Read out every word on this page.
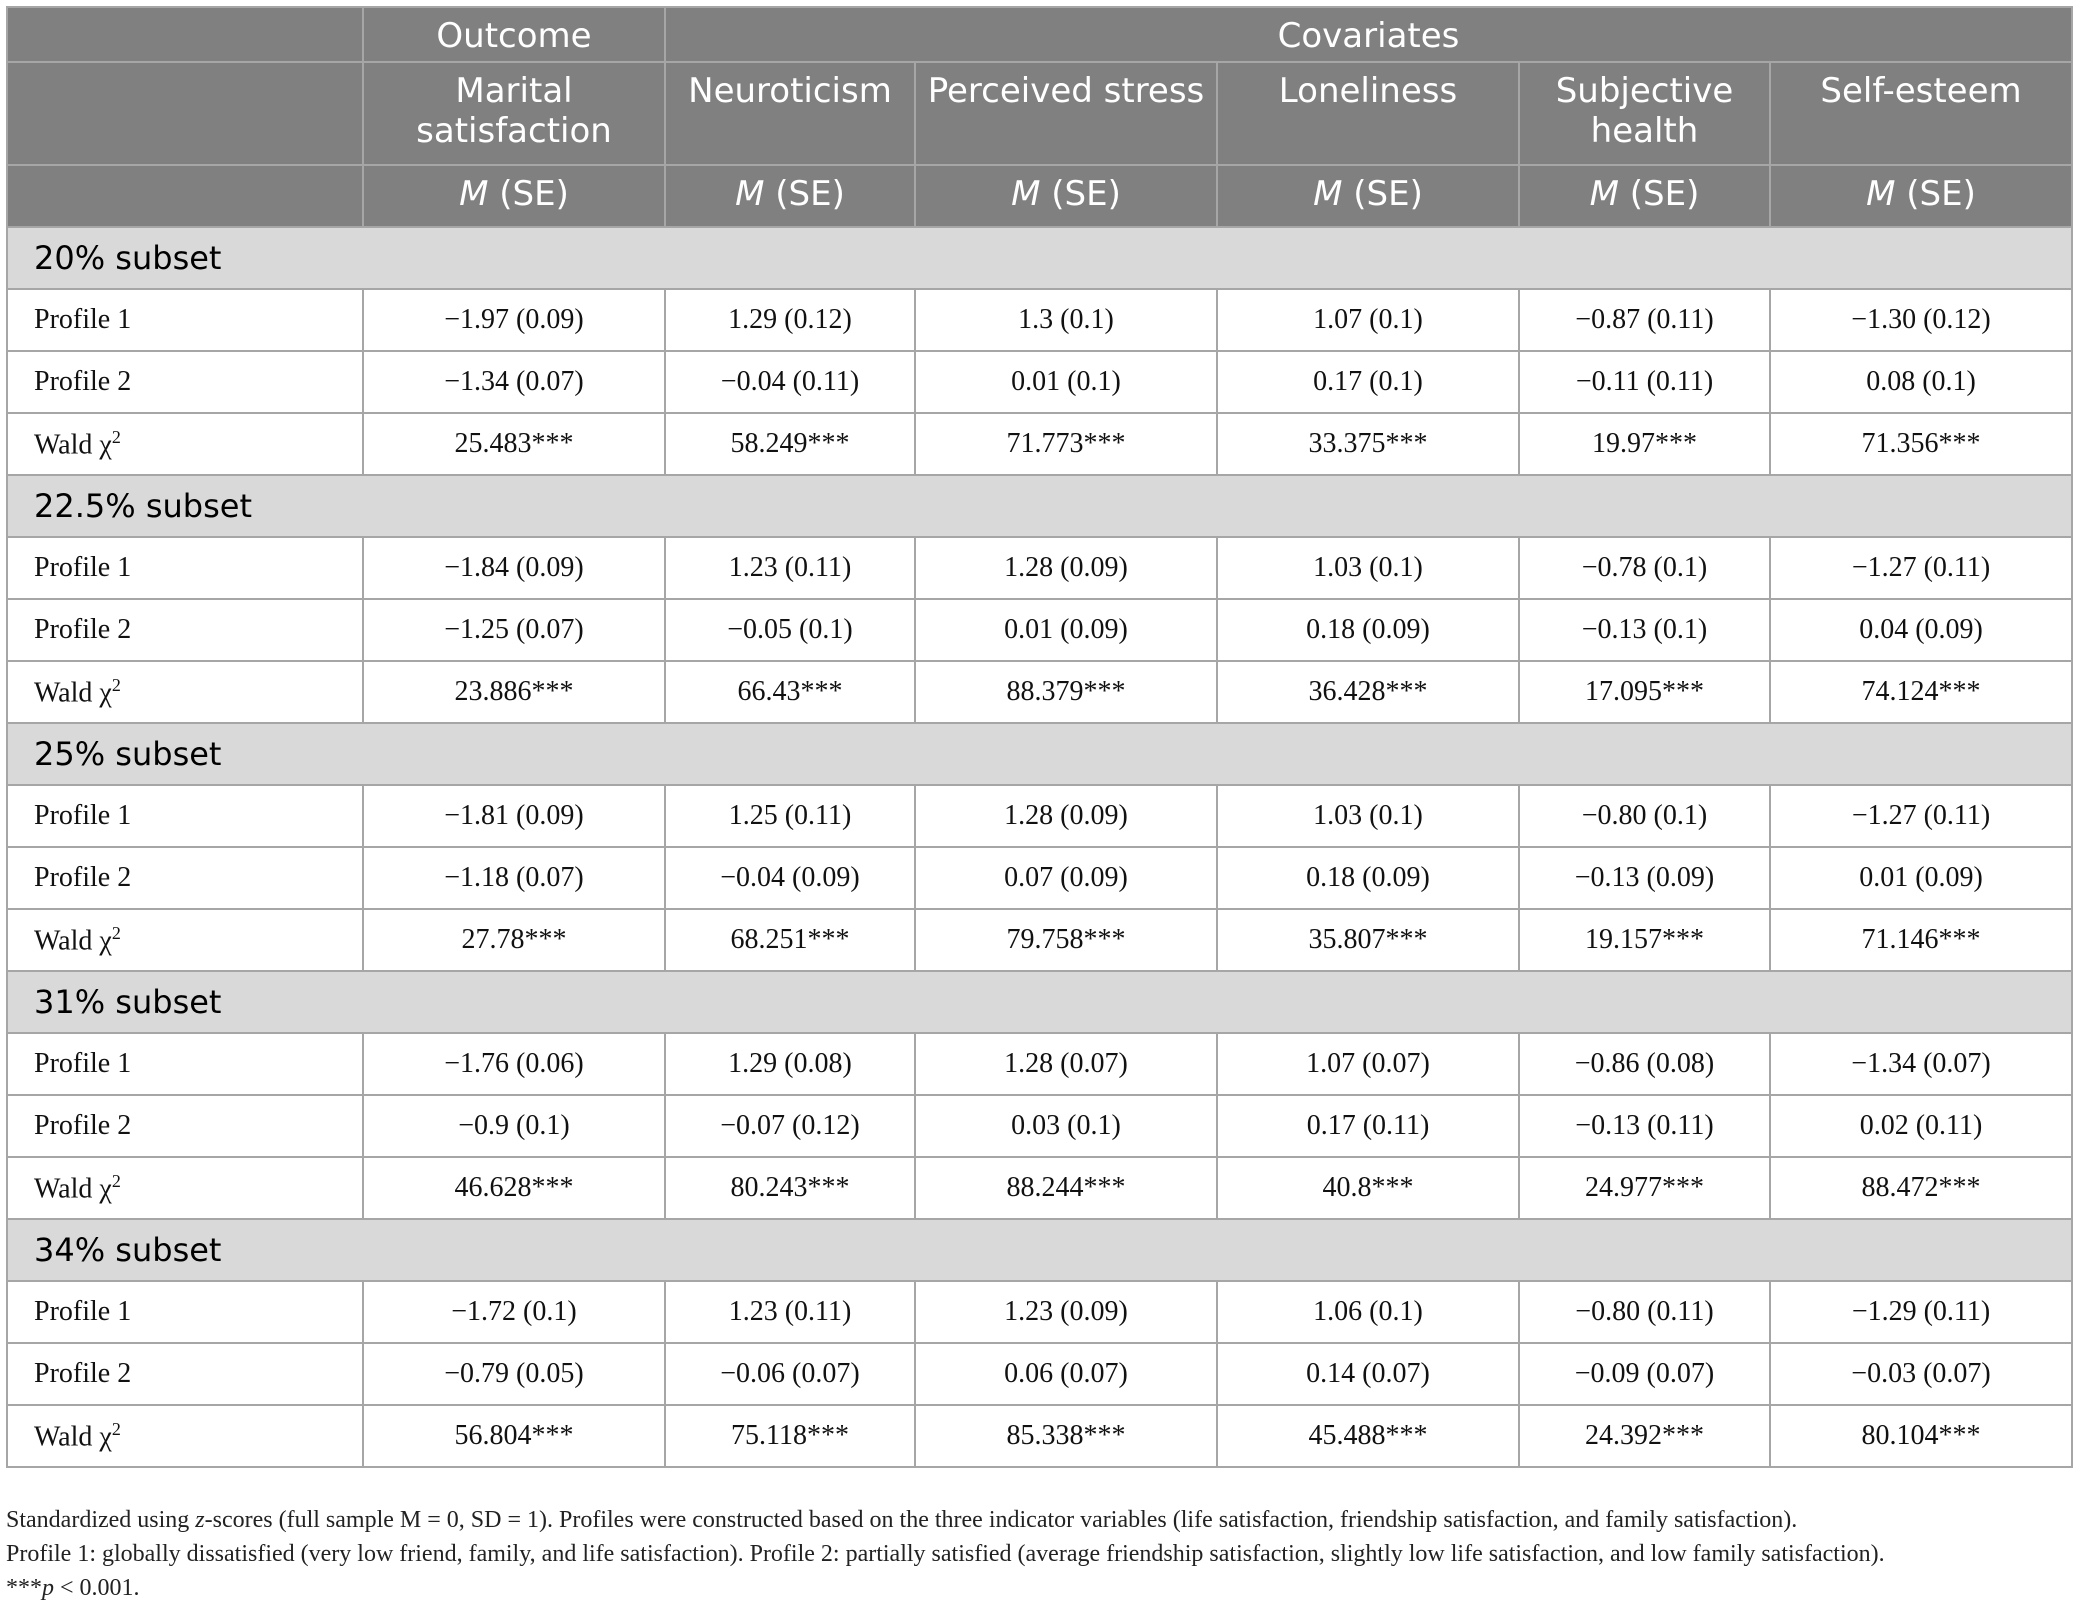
	Outcome	Covariates				
	Marital satisfaction	Neuroticism	Perceived stress	Loneliness	Subjective health	Self-esteem
	M (SE)	M (SE)	M (SE)	M (SE)	M (SE)	M (SE)
20% subset						
Profile 1	−1.97 (0.09)	1.29 (0.12)	1.3 (0.1)	1.07 (0.1)	−0.87 (0.11)	−1.30 (0.12)
Profile 2	−1.34 (0.07)	−0.04 (0.11)	0.01 (0.1)	0.17 (0.1)	−0.11 (0.11)	0.08 (0.1)
Wald $\chi^2$	25.483***	58.249***	71.773***	33.375***	19.97***	71.356***
22.5% subset						
Profile 1	−1.84 (0.09)	1.23 (0.11)	1.28 (0.09)	1.03 (0.1)	−0.78 (0.1)	−1.27 (0.11)
Profile 2	−1.25 (0.07)	−0.05 (0.1)	0.01 (0.09)	0.18 (0.09)	−0.13 (0.1)	0.04 (0.09)
Wald $\chi^2$	23.886***	66.43***	88.379***	36.428***	17.095***	74.124***
25% subset						
Profile 1	−1.81 (0.09)	1.25 (0.11)	1.28 (0.09)	1.03 (0.1)	−0.80 (0.1)	−1.27 (0.11)
Profile 2	−1.18 (0.07)	−0.04 (0.09)	0.07 (0.09)	0.18 (0.09)	−0.13 (0.09)	0.01 (0.09)
Wald $\chi^2$	27.78***	68.251***	79.758***	35.807***	19.157***	71.146***
31% subset						
Profile 1	−1.76 (0.06)	1.29 (0.08)	1.28 (0.07)	1.07 (0.07)	−0.86 (0.08)	−1.34 (0.07)
Profile 2	−0.9 (0.1)	−0.07 (0.12)	0.03 (0.1)	0.17 (0.11)	−0.13 (0.11)	0.02 (0.11)
Wald $\chi^2$	46.628***	80.243***	88.244***	40.8***	24.977***	88.472***
34% subset						
Profile 1	−1.72 (0.1)	1.23 (0.11)	1.23 (0.09)	1.06 (0.1)	−0.80 (0.11)	−1.29 (0.11)
Profile 2	−0.79 (0.05)	−0.06 (0.07)	0.06 (0.07)	0.14 (0.07)	−0.09 (0.07)	−0.03 (0.07)
Wald $\chi^2$	56.804***	75.118***	85.338***	45.488***	24.392***	80.104***

Standardized using z-scores (full sample M = 0, SD = 1). Profiles were constructed based on the three indicator variables (life satisfaction, friendship satisfaction, and family satisfaction).

Profile 1: globally dissatisfied (very low friend, family, and life satisfaction). Profile 2: partially satisfied (average friendship satisfaction, slightly low life satisfaction, and low family satisfaction).

***p < 0.001.
